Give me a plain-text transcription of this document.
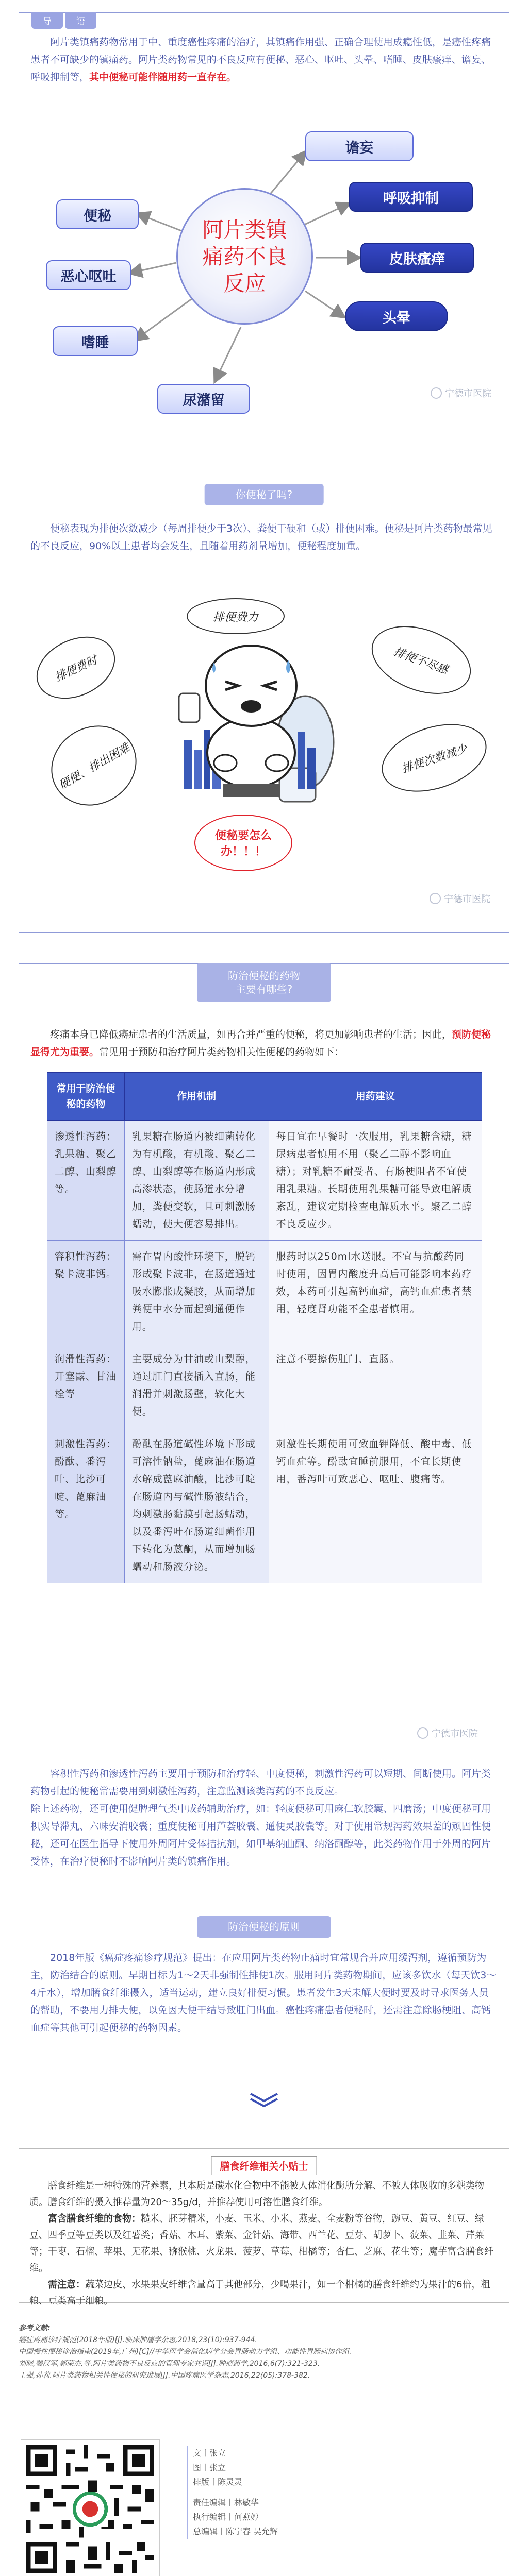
导	语

阿片类镇痛药物常用于中、重度癌性疼痛的治疗，其镇痛作用强、正确合理使用成瘾性低，是癌性疼痛患者不可缺少的镇痛药。阿片类药物常见的不良反应有便秘、恶心、呕吐、头晕、嗜睡、皮肤瘙痒、谵妄、呼吸抑制等，其中便秘可能伴随用药一直存在。

阿片类镇痛药不良反应
谵妄
呼吸抑制
皮肤瘙痒
头晕
便秘
恶心呕吐
嗜睡
尿潴留	宁德市医院
你便秘了吗?

便秘表现为排便次数减少（每周排便少于3次）、粪便干硬和（或）排便困难。便秘是阿片类药物最常见的不良反应，90%以上患者均会发生，且随着用药剂量增加，便秘程度加重。

排便费力
排便费时	排便不尽感
硬便、排出困难	排便次数减少
便秘要怎么办！！！
宁德市医院
防治便秘的药物
主要有哪些?

疼痛本身已降低癌症患者的生活质量，如再合并严重的便秘，将更加影响患者的生活；因此，预防便秘显得尤为重要。常见用于预防和治疗阿片类药物相关性便秘的药物如下：

常用于防治便秘的药物	作用机制	用药建议
渗透性泻药：乳果糖、聚乙二醇、山梨醇等。	乳果糖在肠道内被细菌转化为有机酸，有机酸、聚乙二醇、山梨醇等在肠道内形成高渗状态，使肠道水分增加，粪便变软，且可刺激肠蠕动，使大便容易排出。	每日宜在早餐时一次服用，乳果糖含糖，糖尿病患者慎用不用（聚乙二醇不影响血糖）；对乳糖不耐受者、有肠梗阻者不宜使用乳果糖。长期使用乳果糖可能导致电解质紊乱，建议定期检查电解质水平。聚乙二醇不良反应少。
容积性泻药：聚卡波非钙。	需在胃内酸性环境下，脱钙形成聚卡波非，在肠道通过吸水膨胀成凝胶，从而增加粪便中水分而起到通便作用。	服药时以250ml水送服。不宜与抗酸药同时使用，因胃内酸度升高后可能影响本药疗效，本药可引起高钙血症，高钙血症患者禁用，轻度肾功能不全患者慎用。
润滑性泻药：开塞露、甘油栓等	主要成分为甘油或山梨醇，通过肛门直接插入直肠，能润滑并刺激肠壁，软化大便。	注意不要擦伤肛门、直肠。
刺激性泻药：酚酞、番泻叶、比沙可啶、蓖麻油等。	酚酞在肠道碱性环境下形成可溶性钠盐，蓖麻油在肠道水解成蓖麻油酸，比沙可啶在肠道内与碱性肠液结合，均刺激肠黏膜引起肠蠕动，以及番泻叶在肠道细菌作用下转化为蒽酮，从而增加肠蠕动和肠液分泌。	刺激性长期使用可致血钾降低、酸中毒、低钙血症等。酚酞宜睡前服用，不宜长期使用，番泻叶可致恶心、呕吐、腹痛等。

容积性泻药和渗透性泻药主要用于预防和治疗轻、中度便秘，刺激性泻药可以短期、间断使用。阿片类药物引起的便秘常需要用到刺激性泻药，注意监测该类泻药的不良反应。
除上述药物，还可使用健脾理气类中成药辅助治疗，如：轻度便秘可用麻仁软胶囊、四磨汤；中度便秘可用枳实导滞丸、六味安消胶囊；重度便秘可用芦荟胶囊、通便灵胶囊等。对于使用常规泻药效果差的顽固性便秘，还可在医生指导下使用外周阿片受体拮抗剂，如甲基纳曲酮、纳洛酮醇等，此类药物作用于外周的阿片受体，在治疗便秘时不影响阿片类的镇痛作用。

宁德市医院
防治便秘的原则

2018年版《癌症疼痛诊疗规范》提出：在应用阿片类药物止痛时宜常规合并应用缓泻剂，遵循预防为主，防治结合的原则。早期目标为1～2天非强制性排便1次。服用阿片类药物期间，应该多饮水（每天饮3～4斤水），增加膳食纤维摄入，适当运动，建立良好排便习惯。患者发生3天未解大便时要及时寻求医务人员的帮助，不要用力排大便，以免因大便干结导致肛门出血。癌性疼痛患者便秘时，还需注意除肠梗阻、高钙血症等其他可引起便秘的药物因素。

膳食纤维相关小贴士

膳食纤维是一种特殊的营养素，其本质是碳水化合物中不能被人体消化酶所分解、不被人体吸收的多糖类物质。膳食纤维的摄入推荐量为20～35g/d，并推荐使用可溶性膳食纤维。

富含膳食纤维的食物：糙米、胚芽精米，小麦、玉米、小米、燕麦、全麦粉等谷物，豌豆、黄豆、红豆、绿豆、四季豆等豆类以及红薯类；香菇、木耳、紫菜、金针菇、海带、西兰花、豆芽、胡萝卜、菠菜、韭菜、芹菜等；干枣、石榴、苹果、无花果、猕猴桃、火龙果、菠萝、草莓、柑橘等；杏仁、芝麻、花生等；魔芋富含膳食纤维。

需注意：蔬菜边皮、水果果皮纤维含量高于其他部分，少喝果汁，如一个柑橘的膳食纤维约为果汁的6倍，粗粮、豆类高于细粮。

参考文献:
癌症疼痛诊疗规范(2018年版)[J].临床肿瘤学杂志,2018,23(10):937-944.
中国慢性便秘诊治指南(2019年,广州)[C]//中华医学会消化病学分会胃肠动力学组、功能性胃肠病协作组.
刘晓,裴汉军,郭荣杰,等.阿片类药物不良反应的管理专家共识[J].肿瘤药学,2016,6(7):321-323.
王强,孙莉.阿片类药物相关性便秘的研究进展[J].中国疼痛医学杂志,2016,22(05):378-382.
文丨张立
图丨张立
排版丨陈灵灵
责任编辑丨林敏华
执行编辑丨何燕婷
总编辑丨陈宁春 吴允辉
